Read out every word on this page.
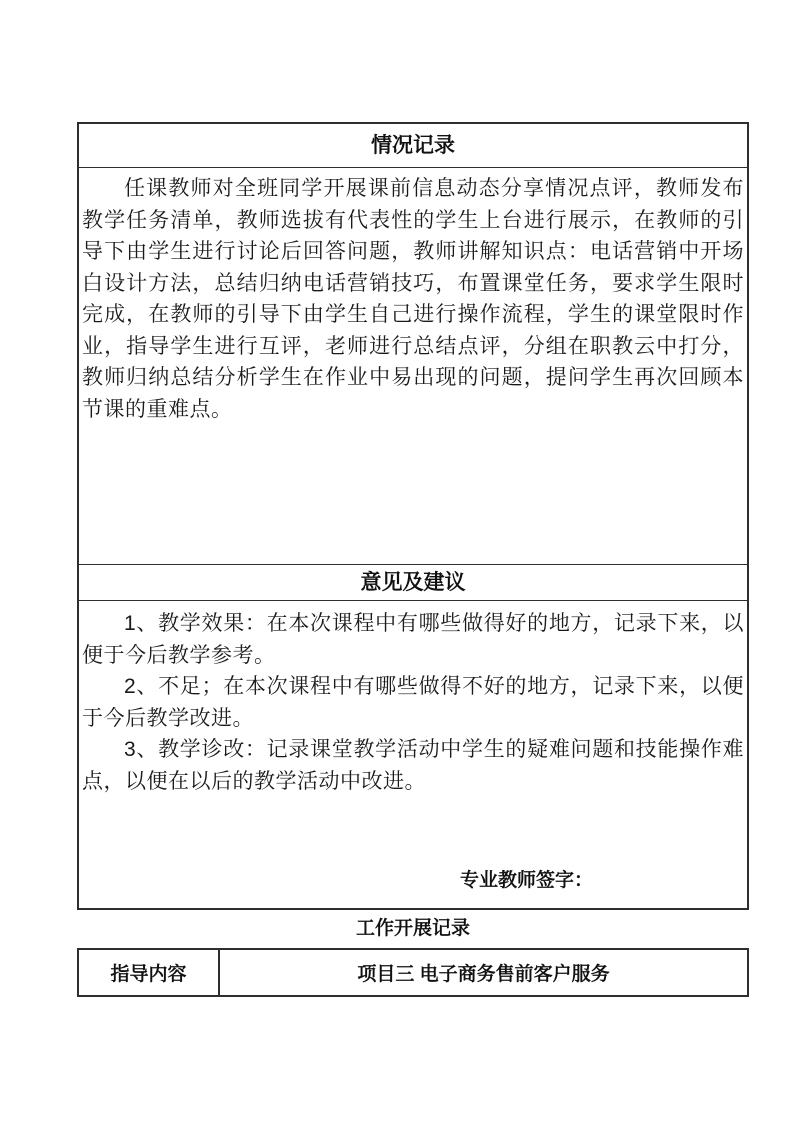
情况记录

任课教师对全班同学开展课前信息动态分享情况点评，教师发布教学任务清单，教师选拔有代表性的学生上台进行展示，在教师的引导下由学生进行讨论后回答问题，教师讲解知识点：电话营销中开场白设计方法，总结归纳电话营销技巧，布置课堂任务，要求学生限时完成，在教师的引导下由学生自己进行操作流程，学生的课堂限时作业，指导学生进行互评，老师进行总结点评，分组在职教云中打分，教师归纳总结分析学生在作业中易出现的问题，提问学生再次回顾本节课的重难点。

意见及建议

1、教学效果：在本次课程中有哪些做得好的地方，记录下来，以便于今后教学参考。

2、不足；在本次课程中有哪些做得不好的地方，记录下来，以便于今后教学改进。

3、教学诊改：记录课堂教学活动中学生的疑难问题和技能操作难点，以便在以后的教学活动中改进。

专业教师签字：
工作开展记录
指导内容	项目三 电子商务售前客户服务
